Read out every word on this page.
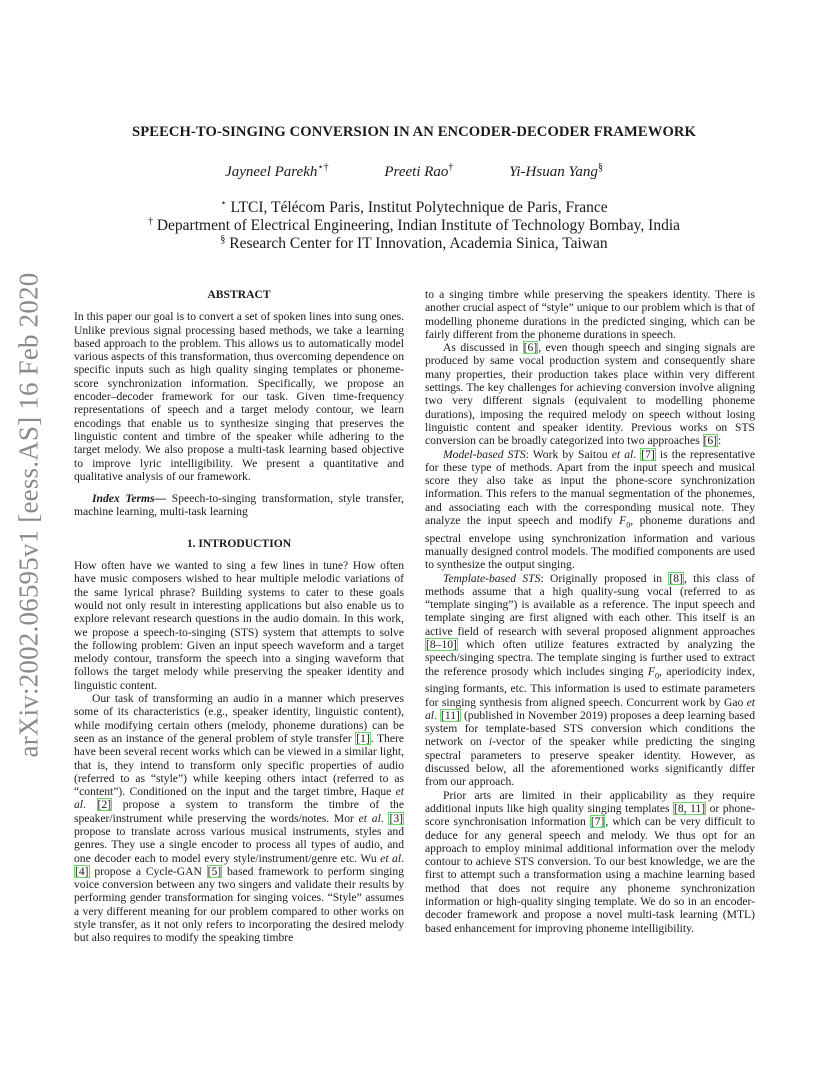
arXiv:2002.06595v1 [eess.AS] 16 Feb 2020
SPEECH-TO-SINGING CONVERSION IN AN ENCODER-DECODER FRAMEWORK
Jayneel Parekh⋆†	Preeti Rao†	Yi-Hsuan Yang§
⋆ LTCI, Télécom Paris, Institut Polytechnique de Paris, France
† Department of Electrical Engineering, Indian Institute of Technology Bombay, India
§ Research Center for IT Innovation, Academia Sinica, Taiwan
ABSTRACT

In this paper our goal is to convert a set of spoken lines into sung ones. Unlike previous signal processing based methods, we take a learning based approach to the problem. This allows us to automatically model various aspects of this transformation, thus overcoming dependence on specific inputs such as high quality singing templates or phoneme-score synchronization information. Specifically, we propose an encoder–decoder framework for our task. Given time-frequency representations of speech and a target melody contour, we learn encodings that enable us to synthesize singing that preserves the linguistic content and timbre of the speaker while adhering to the target melody. We also propose a multi-task learning based objective to improve lyric intelligibility. We present a quantitative and qualitative analysis of our framework.

Index Terms— Speech-to-singing transformation, style transfer, machine learning, multi-task learning

1. INTRODUCTION

How often have we wanted to sing a few lines in tune? How often have music composers wished to hear multiple melodic variations of the same lyrical phrase? Building systems to cater to these goals would not only result in interesting applications but also enable us to explore relevant research questions in the audio domain. In this work, we propose a speech-to-singing (STS) system that attempts to solve the following problem: Given an input speech waveform and a target melody contour, transform the speech into a singing waveform that follows the target melody while preserving the speaker identity and linguistic content.

Our task of transforming an audio in a manner which preserves some of its characteristics (e.g., speaker identity, linguistic content), while modifying certain others (melody, phoneme durations) can be seen as an instance of the general problem of style transfer [1]. There have been several recent works which can be viewed in a similar light, that is, they intend to transform only specific properties of audio (referred to as “style”) while keeping others intact (referred to as “content”). Conditioned on the input and the target timbre, Haque et al. [2] propose a system to transform the timbre of the speaker/instrument while preserving the words/notes. Mor et al. [3] propose to translate across various musical instruments, styles and genres. They use a single encoder to process all types of audio, and one decoder each to model every style/instrument/genre etc. Wu et al. [4] propose a Cycle-GAN [5] based framework to perform singing voice conversion between any two singers and validate their results by performing gender transformation for singing voices. “Style” assumes a very different meaning for our problem compared to other works on style transfer, as it not only refers to incorporating the desired melody but also requires to modify the speaking timbre

to a singing timbre while preserving the speakers identity. There is another crucial aspect of “style” unique to our problem which is that of modelling phoneme durations in the predicted singing, which can be fairly different from the phoneme durations in speech.

As discussed in [6], even though speech and singing signals are produced by same vocal production system and consequently share many properties, their production takes place within very different settings. The key challenges for achieving conversion involve aligning two very different signals (equivalent to modelling phoneme durations), imposing the required melody on speech without losing linguistic content and speaker identity. Previous works on STS conversion can be broadly categorized into two approaches [6]:

Model-based STS: Work by Saitou et al. [7] is the representative for these type of methods. Apart from the input speech and musical score they also take as input the phone-score synchronization information. This refers to the manual segmentation of the phonemes, and associating each with the corresponding musical note. They analyze the input speech and modify $F_0$, phoneme durations and spectral envelope using synchronization information and various manually designed control models. The modified components are used to synthesize the output singing.

Template-based STS: Originally proposed in [8], this class of methods assume that a high quality-sung vocal (referred to as “template singing”) is available as a reference. The input speech and template singing are first aligned with each other. This itself is an active field of research with several proposed alignment approaches [8–10] which often utilize features extracted by analyzing the speech/singing spectra. The template singing is further used to extract the reference prosody which includes singing $F_0$, aperiodicity index, singing formants, etc. This information is used to estimate parameters for singing synthesis from aligned speech. Concurrent work by Gao et al. [11] (published in November 2019) proposes a deep learning based system for template-based STS conversion which conditions the network on i-vector of the speaker while predicting the singing spectral parameters to preserve speaker identity. However, as discussed below, all the aforementioned works significantly differ from our approach.

Prior arts are limited in their applicability as they require additional inputs like high quality singing templates [8, 11] or phone-score synchronisation information [7], which can be very difficult to deduce for any general speech and melody. We thus opt for an approach to employ minimal additional information over the melody contour to achieve STS conversion. To our best knowledge, we are the first to attempt such a transformation using a machine learning based method that does not require any phoneme synchronization information or high-quality singing template. We do so in an encoder-decoder framework and propose a novel multi-task learning (MTL) based enhancement for improving phoneme intelligibility.
